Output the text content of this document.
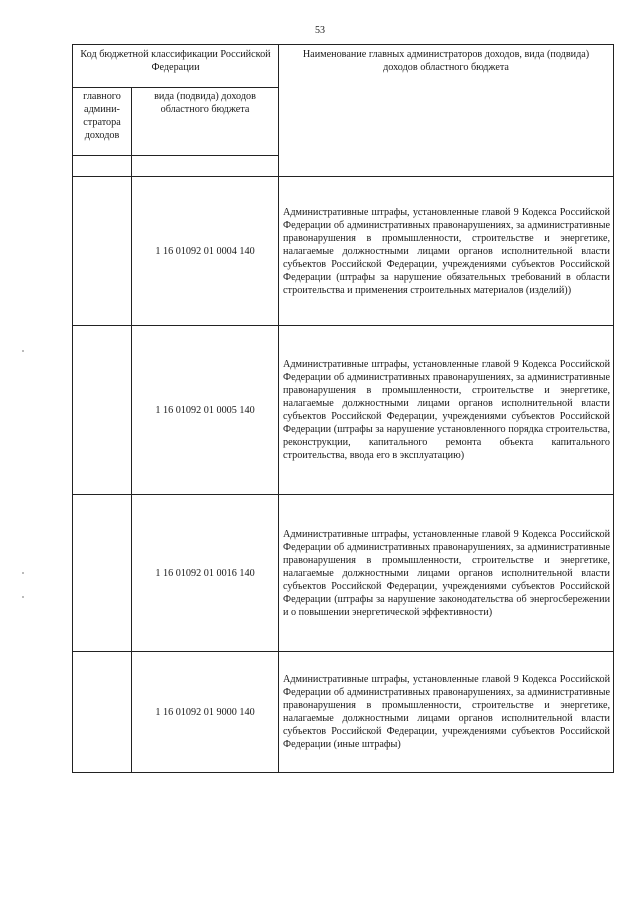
53
Код бюджетной классификации Российской Федерации		Наименование главных администраторов доходов, вида (подвида) доходов областного бюджета
главного админи-стратора доходов	вида (подвида) доходов областного бюджета	

	1 16 01092 01 0004 140	Административные штрафы, установленные главой 9 Кодекса Российской Федерации об административных правонарушениях, за административные правонарушения в промышленности, строительстве и энергетике, налагаемые должностными лицами органов исполнительной власти субъектов Российской Федерации, учреждениями субъектов Российской Федерации (штрафы за нарушение обязательных требований в области строительства и применения строительных материалов (изделий))
	1 16 01092 01 0005 140	Административные штрафы, установленные главой 9 Кодекса Российской Федерации об административных правонарушениях, за административные правонарушения в промышленности, строительстве и энергетике, налагаемые должностными лицами органов исполнительной власти субъектов Российской Федерации, учреждениями субъектов Российской Федерации (штрафы за нарушение установленного порядка строительства, реконструкции, капитального ремонта объекта капитального строительства, ввода его в эксплуатацию)
	1 16 01092 01 0016 140	Административные штрафы, установленные главой 9 Кодекса Российской Федерации об административных правонарушениях, за административные правонарушения в промышленности, строительстве и энергетике, налагаемые должностными лицами органов исполнительной власти субъектов Российской Федерации, учреждениями субъектов Российской Федерации (штрафы за нарушение законодательства об энергосбережении и о повышении энергетической эффективности)
	1 16 01092 01 9000 140	Административные штрафы, установленные главой 9 Кодекса Российской Федерации об административных правонарушениях, за административные правонарушения в промышленности, строительстве и энергетике, налагаемые должностными лицами органов исполнительной власти субъектов Российской Федерации, учреждениями субъектов Российской Федерации (иные штрафы)
